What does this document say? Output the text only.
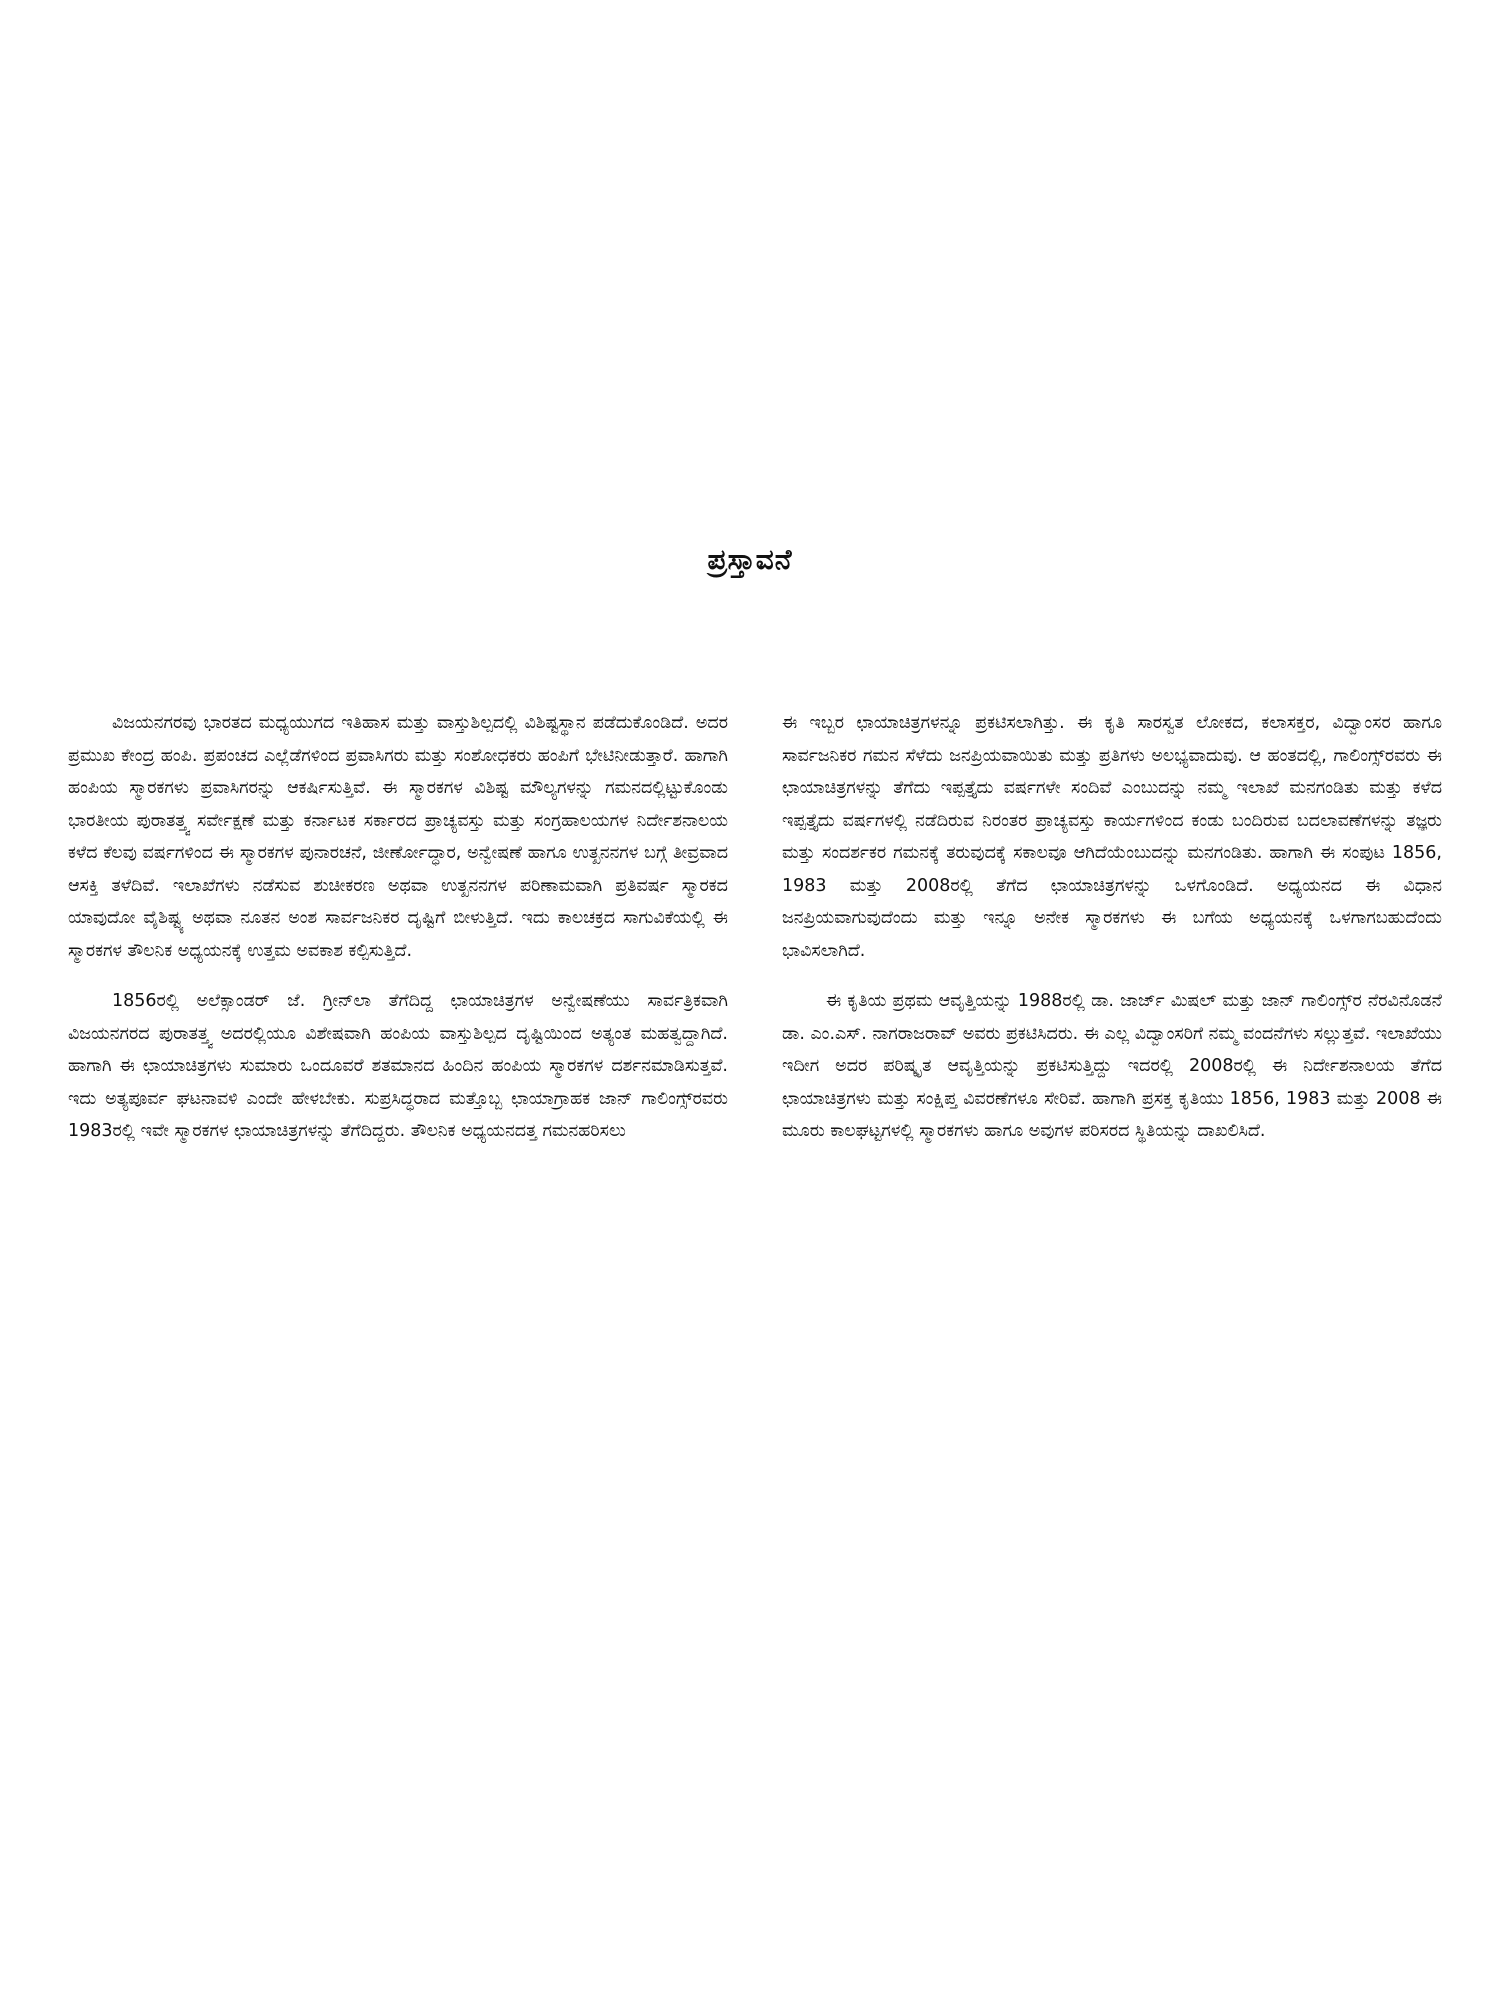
ಪ್ರಸ್ತಾವನೆ

ವಿಜಯನಗರವು ಭಾರತದ ಮಧ್ಯಯುಗದ ಇತಿಹಾಸ ಮತ್ತು ವಾಸ್ತುಶಿಲ್ಪದಲ್ಲಿ ವಿಶಿಷ್ಟಸ್ಥಾನ ಪಡೆದುಕೊಂಡಿದೆ. ಅದರ ಪ್ರಮುಖ ಕೇಂದ್ರ ಹಂಪಿ. ಪ್ರಪಂಚದ ಎಲ್ಲೆಡೆಗಳಿಂದ ಪ್ರವಾಸಿಗರು ಮತ್ತು ಸಂಶೋಧಕರು ಹಂಪಿಗೆ ಭೇಟಿನೀಡುತ್ತಾರೆ. ಹಾಗಾಗಿ ಹಂಪಿಯ ಸ್ಮಾರಕಗಳು ಪ್ರವಾಸಿಗರನ್ನು ಆಕರ್ಷಿಸುತ್ತಿವೆ. ಈ ಸ್ಮಾರಕಗಳ ವಿಶಿಷ್ಟ ಮೌಲ್ಯಗಳನ್ನು ಗಮನದಲ್ಲಿಟ್ಟುಕೊಂಡು ಭಾರತೀಯ ಪುರಾತತ್ತ್ವ ಸರ್ವೇಕ್ಷಣೆ ಮತ್ತು ಕರ್ನಾಟಕ ಸರ್ಕಾರದ ಪ್ರಾಚ್ಯವಸ್ತು ಮತ್ತು ಸಂಗ್ರಹಾಲಯಗಳ ನಿರ್ದೇಶನಾಲಯ ಕಳೆದ ಕೆಲವು ವರ್ಷಗಳಿಂದ ಈ ಸ್ಮಾರಕಗಳ ಪುನಾರಚನೆ, ಜೀರ್ಣೋದ್ಧಾರ, ಅನ್ವೇಷಣೆ ಹಾಗೂ ಉತ್ಖನನಗಳ ಬಗ್ಗೆ ತೀವ್ರವಾದ ಆಸಕ್ತಿ ತಳೆದಿವೆ. ಇಲಾಖೆಗಳು ನಡೆಸುವ ಶುಚೀಕರಣ ಅಥವಾ ಉತ್ಖನನಗಳ ಪರಿಣಾಮವಾಗಿ ಪ್ರತಿವರ್ಷ ಸ್ಮಾರಕದ ಯಾವುದೋ ವೈಶಿಷ್ಟ್ಯ ಅಥವಾ ನೂತನ ಅಂಶ ಸಾರ್ವಜನಿಕರ ದೃಷ್ಟಿಗೆ ಬೀಳುತ್ತಿದೆ. ಇದು ಕಾಲಚಕ್ರದ ಸಾಗುವಿಕೆಯಲ್ಲಿ ಈ ಸ್ಮಾರಕಗಳ ತೌಲನಿಕ ಅಧ್ಯಯನಕ್ಕೆ ಉತ್ತಮ ಅವಕಾಶ ಕಲ್ಪಿಸುತ್ತಿದೆ.

1856ರಲ್ಲಿ ಅಲೆಕ್ಸಾಂಡರ್ ಜೆ. ಗ್ರೀನ್‌ಲಾ ತೆಗೆದಿದ್ದ ಛಾಯಾಚಿತ್ರಗಳ ಅನ್ವೇಷಣೆಯು ಸಾರ್ವತ್ರಿಕವಾಗಿ ವಿಜಯನಗರದ ಪುರಾತತ್ತ್ವ ಅದರಲ್ಲಿಯೂ ವಿಶೇಷವಾಗಿ ಹಂಪಿಯ ವಾಸ್ತುಶಿಲ್ಪದ ದೃಷ್ಟಿಯಿಂದ ಅತ್ಯಂತ ಮಹತ್ವದ್ದಾಗಿದೆ. ಹಾಗಾಗಿ ಈ ಛಾಯಾಚಿತ್ರಗಳು ಸುಮಾರು ಒಂದೂವರೆ ಶತಮಾನದ ಹಿಂದಿನ ಹಂಪಿಯ ಸ್ಮಾರಕಗಳ ದರ್ಶನಮಾಡಿಸುತ್ತವೆ. ಇದು ಅತ್ಯಪೂರ್ವ ಘಟನಾವಳಿ ಎಂದೇ ಹೇಳಬೇಕು. ಸುಪ್ರಸಿದ್ಧರಾದ ಮತ್ತೊಬ್ಬ ಛಾಯಾಗ್ರಾಹಕ ಜಾನ್ ಗಾಲಿಂಗ್ಸ್‌ರವರು 1983ರಲ್ಲಿ ಇವೇ ಸ್ಮಾರಕಗಳ ಛಾಯಾಚಿತ್ರಗಳನ್ನು ತೆಗೆದಿದ್ದರು. ತೌಲನಿಕ ಅಧ್ಯಯನದತ್ತ ಗಮನಹರಿಸಲು

ಈ ಇಬ್ಬರ ಛಾಯಾಚಿತ್ರಗಳನ್ನೂ ಪ್ರಕಟಿಸಲಾಗಿತ್ತು. ಈ ಕೃತಿ ಸಾರಸ್ವತ ಲೋಕದ, ಕಲಾಸಕ್ತರ, ವಿದ್ವಾಂಸರ ಹಾಗೂ ಸಾರ್ವಜನಿಕರ ಗಮನ ಸೆಳೆದು ಜನಪ್ರಿಯವಾಯಿತು ಮತ್ತು ಪ್ರತಿಗಳು ಅಲಭ್ಯವಾದುವು. ಆ ಹಂತದಲ್ಲಿ, ಗಾಲಿಂಗ್ಸ್‌ರವರು ಈ ಛಾಯಾಚಿತ್ರಗಳನ್ನು ತೆಗೆದು ಇಪ್ಪತ್ತೈದು ವರ್ಷಗಳೇ ಸಂದಿವೆ ಎಂಬುದನ್ನು ನಮ್ಮ ಇಲಾಖೆ ಮನಗಂಡಿತು ಮತ್ತು ಕಳೆದ ಇಪ್ಪತ್ತೈದು ವರ್ಷಗಳಲ್ಲಿ ನಡೆದಿರುವ ನಿರಂತರ ಪ್ರಾಚ್ಯವಸ್ತು ಕಾರ್ಯಗಳಿಂದ ಕಂಡು ಬಂದಿರುವ ಬದಲಾವಣೆಗಳನ್ನು ತಜ್ಞರು ಮತ್ತು ಸಂದರ್ಶಕರ ಗಮನಕ್ಕೆ ತರುವುದಕ್ಕೆ ಸಕಾಲವೂ ಆಗಿದೆಯೆಂಬುದನ್ನು ಮನಗಂಡಿತು. ಹಾಗಾಗಿ ಈ ಸಂಪುಟ 1856, 1983 ಮತ್ತು 2008ರಲ್ಲಿ ತೆಗೆದ ಛಾಯಾಚಿತ್ರಗಳನ್ನು ಒಳಗೊಂಡಿದೆ. ಅಧ್ಯಯನದ ಈ ವಿಧಾನ ಜನಪ್ರಿಯವಾಗುವುದೆಂದು ಮತ್ತು ಇನ್ನೂ ಅನೇಕ ಸ್ಮಾರಕಗಳು ಈ ಬಗೆಯ ಅಧ್ಯಯನಕ್ಕೆ ಒಳಗಾಗಬಹುದೆಂದು ಭಾವಿಸಲಾಗಿದೆ.

ಈ ಕೃತಿಯ ಪ್ರಥಮ ಆವೃತ್ತಿಯನ್ನು 1988ರಲ್ಲಿ ಡಾ. ಜಾರ್ಜ್ ಮಿಷಲ್ ಮತ್ತು ಜಾನ್ ಗಾಲಿಂಗ್ಸ್‌ರ ನೆರವಿನೊಡನೆ ಡಾ. ಎಂ.ಎಸ್. ನಾಗರಾಜರಾವ್ ಅವರು ಪ್ರಕಟಿಸಿದರು. ಈ ಎಲ್ಲ ವಿದ್ವಾಂಸರಿಗೆ ನಮ್ಮ ವಂದನೆಗಳು ಸಲ್ಲುತ್ತವೆ. ಇಲಾಖೆಯು ಇದೀಗ ಅದರ ಪರಿಷ್ಕೃತ ಆವೃತ್ತಿಯನ್ನು ಪ್ರಕಟಿಸುತ್ತಿದ್ದು ಇದರಲ್ಲಿ 2008ರಲ್ಲಿ ಈ ನಿರ್ದೇಶನಾಲಯ ತೆಗೆದ ಛಾಯಾಚಿತ್ರಗಳು ಮತ್ತು ಸಂಕ್ಷಿಪ್ತ ವಿವರಣೆಗಳೂ ಸೇರಿವೆ. ಹಾಗಾಗಿ ಪ್ರಸಕ್ತ ಕೃತಿಯು 1856, 1983 ಮತ್ತು 2008 ಈ ಮೂರು ಕಾಲಘಟ್ಟಗಳಲ್ಲಿ ಸ್ಮಾರಕಗಳು ಹಾಗೂ ಅವುಗಳ ಪರಿಸರದ ಸ್ಥಿತಿಯನ್ನು ದಾಖಲಿಸಿದೆ.
